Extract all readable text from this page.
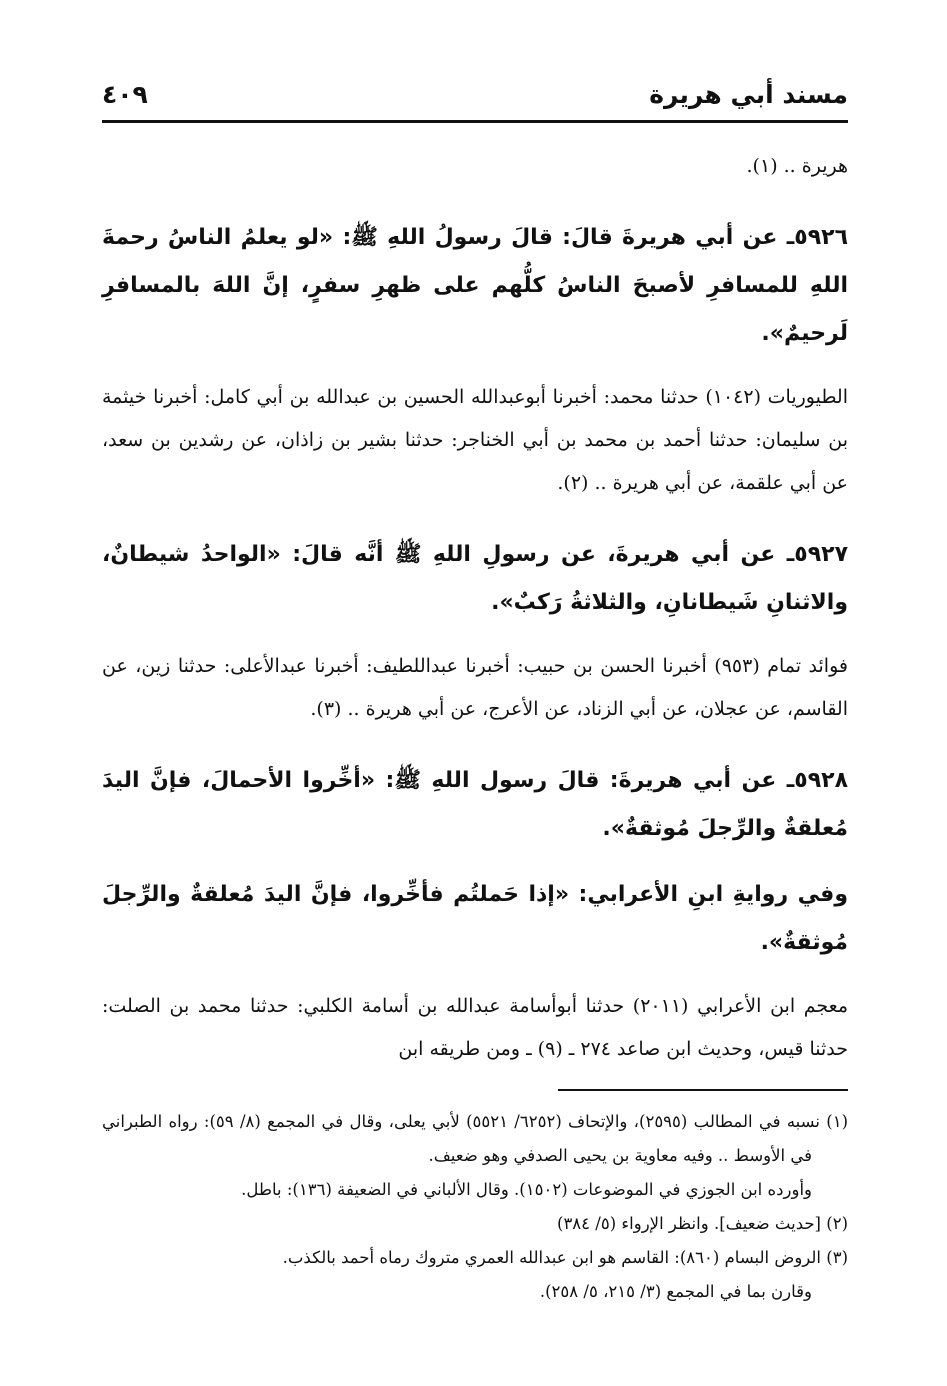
مسند أبي هريرة
٤٠٩

هريرة .. (١).

٥٩٢٦ـ عن أبي هريرةَ قالَ: قالَ رسولُ اللهِ ﷺ: «لو يعلمُ الناسُ رحمةَ اللهِ للمسافرِ لأصبحَ الناسُ كلُّهم على ظهرِ سفرٍ، إنَّ اللهَ بالمسافرِ لَرحيمٌ».

الطيوريات (١٠٤٢) حدثنا محمد: أخبرنا أبوعبدالله الحسين بن عبدالله بن أبي كامل: أخبرنا خيثمة بن سليمان: حدثنا أحمد بن محمد بن أبي الخناجر: حدثنا بشير بن زاذان، عن رشدين بن سعد، عن أبي علقمة، عن أبي هريرة .. (٢).

٥٩٢٧ـ عن أبي هريرةَ، عن رسولِ اللهِ ﷺ أنَّه قالَ: «الواحدُ شيطانٌ، والاثنانِ شَيطانانِ، والثلاثةُ رَكبٌ».

فوائد تمام (٩٥٣) أخبرنا الحسن بن حبيب: أخبرنا عبداللطيف: أخبرنا عبدالأعلى: حدثنا زين، عن القاسم، عن عجلان، عن أبي الزناد، عن الأعرج، عن أبي هريرة .. (٣).

٥٩٢٨ـ عن أبي هريرةَ: قالَ رسول اللهِ ﷺ: «أخِّروا الأحمالَ، فإنَّ اليدَ مُعلقةٌ والرِّجلَ مُوثقةٌ».

وفي روايةِ ابنِ الأعرابي: «إذا حَملتُم فأخِّروا، فإنَّ اليدَ مُعلقةٌ والرِّجلَ مُوثقةٌ».

معجم ابن الأعرابي (٢٠١١) حدثنا أبوأسامة عبدالله بن أسامة الكلبي: حدثنا محمد بن الصلت: حدثنا قيس، وحديث ابن صاعد ٢٧٤ ـ (٩) ـ ومن طريقه ابن

(١) نسبه في المطالب (٢٥٩٥)، والإتحاف (٦٢٥٢/ ٥٥٢١) لأبي يعلى، وقال في المجمع (٨/ ٥٩): رواه الطبراني في الأوسط .. وفيه معاوية بن يحيى الصدفي وهو ضعيف.

وأورده ابن الجوزي في الموضوعات (١٥٠٢). وقال الألباني في الضعيفة (١٣٦): باطل.

(٢) [حديث ضعيف]. وانظر الإرواء (٥/ ٣٨٤)

(٣) الروض البسام (٨٦٠): القاسم هو ابن عبدالله العمري متروك رماه أحمد بالكذب.

وقارن بما في المجمع (٣/ ٢١٥، ٥/ ٢٥٨).
